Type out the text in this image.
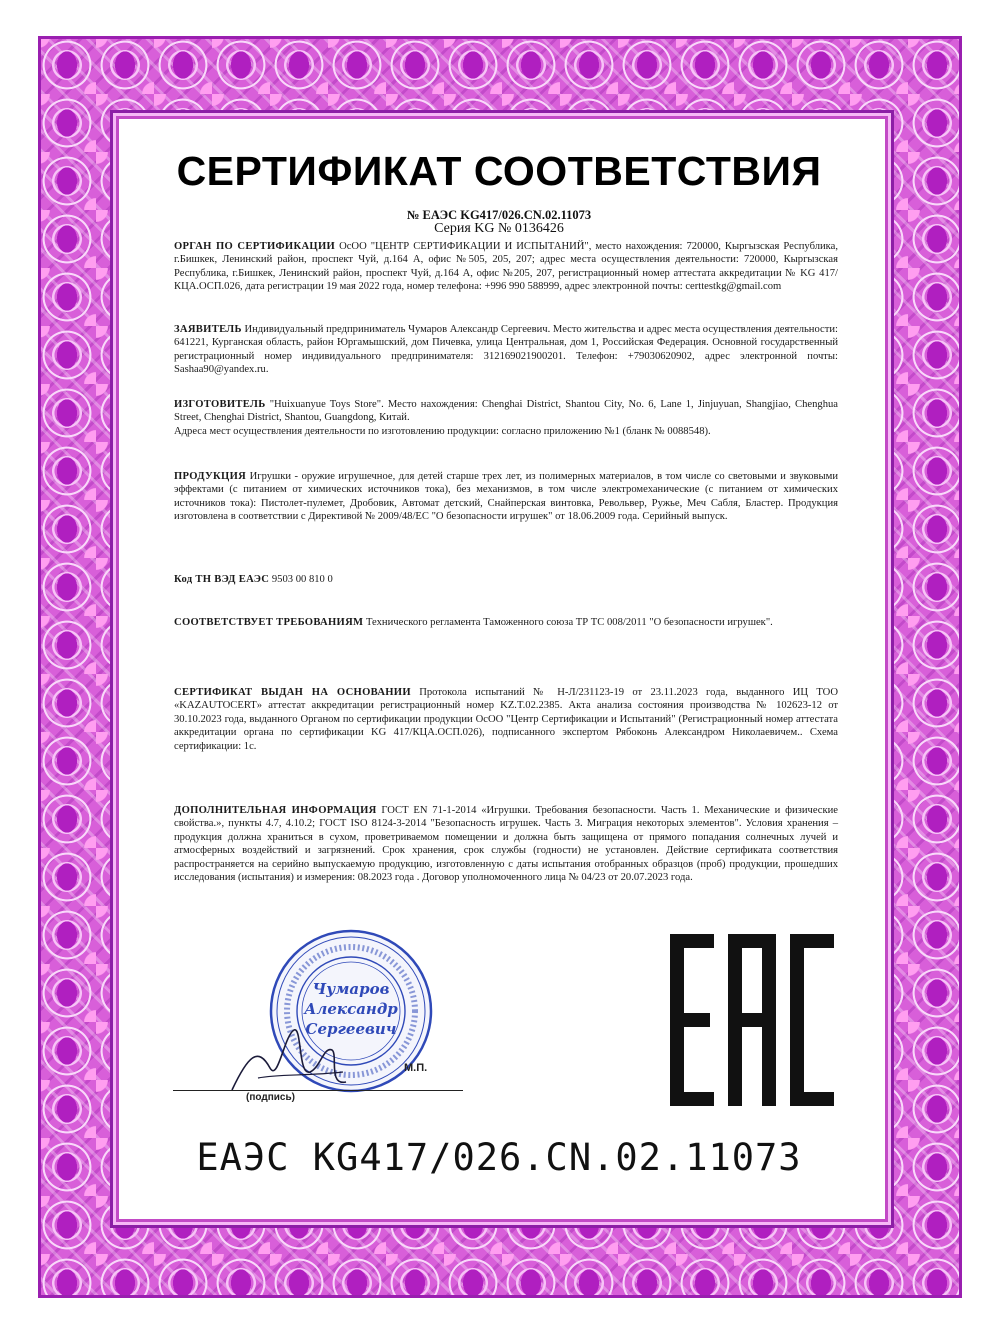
СЕРТИФИКАТ СООТВЕТСТВИЯ
№ ЕАЭС KG417/026.CN.02.11073
Серия KG № 0136426

ОРГАН ПО СЕРТИФИКАЦИИ ОсОО "ЦЕНТР СЕРТИФИКАЦИИ И ИСПЫТАНИЙ", место нахождения: 720000, Кыргызская Республика, г.Бишкек, Ленинский район, проспект Чуй, д.164 А, офис №505, 205, 207; адрес места осуществления деятельности: 720000, Кыргызская Республика, г.Бишкек, Ленинский район, проспект Чуй, д.164 А, офис №205, 207, регистрационный номер аттестата аккредитации № KG 417/КЦА.ОСП.026, дата регистрации 19 мая 2022 года, номер телефона: +996 990 588999, адрес электронной почты: certtestkg@gmail.com

ЗАЯВИТЕЛЬ Индивидуальный предприниматель Чумаров Александр Сергеевич. Место жительства и адрес места осуществления деятельности: 641221, Курганская область, район Юргамышский, дом Пичевка, улица Центральная, дом 1, Российская Федерация. Основной государственный регистрационный номер индивидуального предпринимателя: 312169021900201. Телефон: +79030620902, адрес электронной почты: Sashaa90@yandex.ru.

ИЗГОТОВИТЕЛЬ "Huixuanyue Toys Store". Место нахождения: Chenghai District, Shantou City, No. 6, Lane 1, Jinjuyuan, Shangjiao, Chenghua Street, Chenghai District, Shantou, Guangdong, Китай.

Адреса мест осуществления деятельности по изготовлению продукции: согласно приложению №1 (бланк № 0088548).

ПРОДУКЦИЯ Игрушки - оружие игрушечное, для детей старше трех лет, из полимерных материалов, в том числе со световыми и звуковыми эффектами (с питанием от химических источников тока), без механизмов, в том числе электромеханические (с питанием от химических источников тока): Пистолет-пулемет, Дробовик, Автомат детский, Снайперская винтовка, Револьвер, Ружье, Меч Сабля, Бластер. Продукция изготовлена в соответствии с Директивой № 2009/48/ЕС "О безопасности игрушек" от 18.06.2009 года. Серийный выпуск.

Код ТН ВЭД ЕАЭС 9503 00 810 0

СООТВЕТСТВУЕТ ТРЕБОВАНИЯМ Технического регламента Таможенного союза ТР ТС 008/2011 "О безопасности игрушек".

СЕРТИФИКАТ ВЫДАН НА ОСНОВАНИИ Протокола испытаний № Н-Л/231123-19 от 23.11.2023 года, выданного ИЦ ТОО «KAZAUTOCERT» аттестат аккредитации регистрационный номер KZ.T.02.2385. Акта анализа состояния производства № 102623-12 от 30.10.2023 года, выданного Органом по сертификации продукции ОсОО "Центр Сертификации и Испытаний" (Регистрационный номер аттестата аккредитации органа по сертификации KG 417/КЦА.ОСП.026), подписанного экспертом Рябоконь Александром Николаевичем.. Схема сертификации: 1с.

ДОПОЛНИТЕЛЬНАЯ ИНФОРМАЦИЯ ГОСТ EN 71-1-2014 «Игрушки. Требования безопасности. Часть 1. Механические и физические свойства.», пункты 4.7, 4.10.2; ГОСТ ISO 8124-3-2014 "Безопасность игрушек. Часть 3. Миграция некоторых элементов". Условия хранения – продукция должна храниться в сухом, проветриваемом помещении и должна быть защищена от прямого попадания солнечных лучей и атмосферных воздействий и загрязнений. Срок хранения, срок службы (годности) не установлен. Действие сертификата соответствия распространяется на серийно выпускаемую продукцию, изготовленную с даты испытания отобранных образцов (проб) продукции, прошедших исследования (испытания) и измерения: 08.2023 года . Договор уполномоченного лица № 04/23 от 20.07.2023 года.

Чумаров
Александр
Сергеевич
(подпись)
М.П.
ЕАЭС KG417/026.CN.02.11073
